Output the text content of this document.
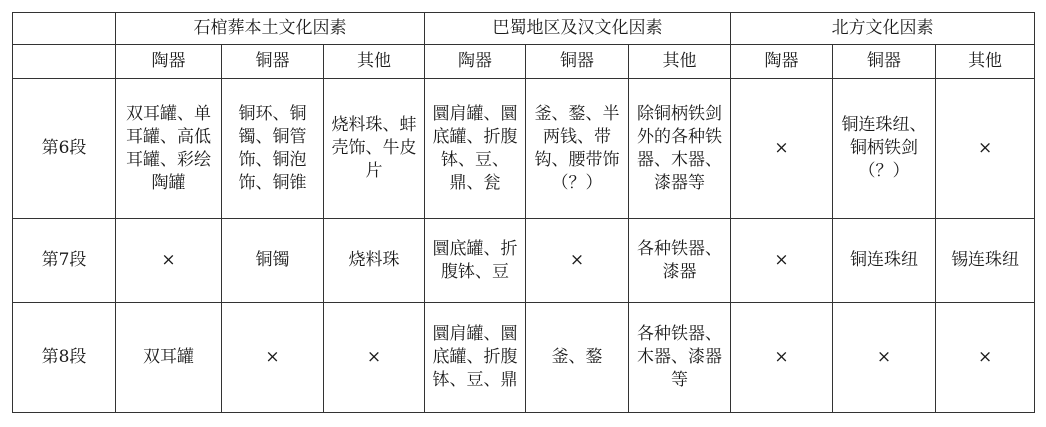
	石棺葬本土文化因素			巴蜀地区及汉文化因素			北方文化因素		
	陶器	铜器	其他	陶器	铜器	其他	陶器	铜器	其他
第6段	双耳罐、单耳罐、高低耳罐、彩绘陶罐	铜环、铜镯、铜管饰、铜泡饰、铜锥	烧料珠、蚌壳饰、牛皮片	圜肩罐、圜底罐、折腹钵、豆、鼎、瓮	釜、鍪、半两钱、带钩、腰带饰（？）	除铜柄铁剑外的各种铁器、木器、漆器等	×	铜连珠纽、铜柄铁剑（？）	×
第7段	×	铜镯	烧料珠	圜底罐、折腹钵、豆	×	各种铁器、漆器	×	铜连珠纽	锡连珠纽
第8段	双耳罐	×	×	圜肩罐、圜底罐、折腹钵、豆、鼎	釜、鍪	各种铁器、木器、漆器等	×	×	×
